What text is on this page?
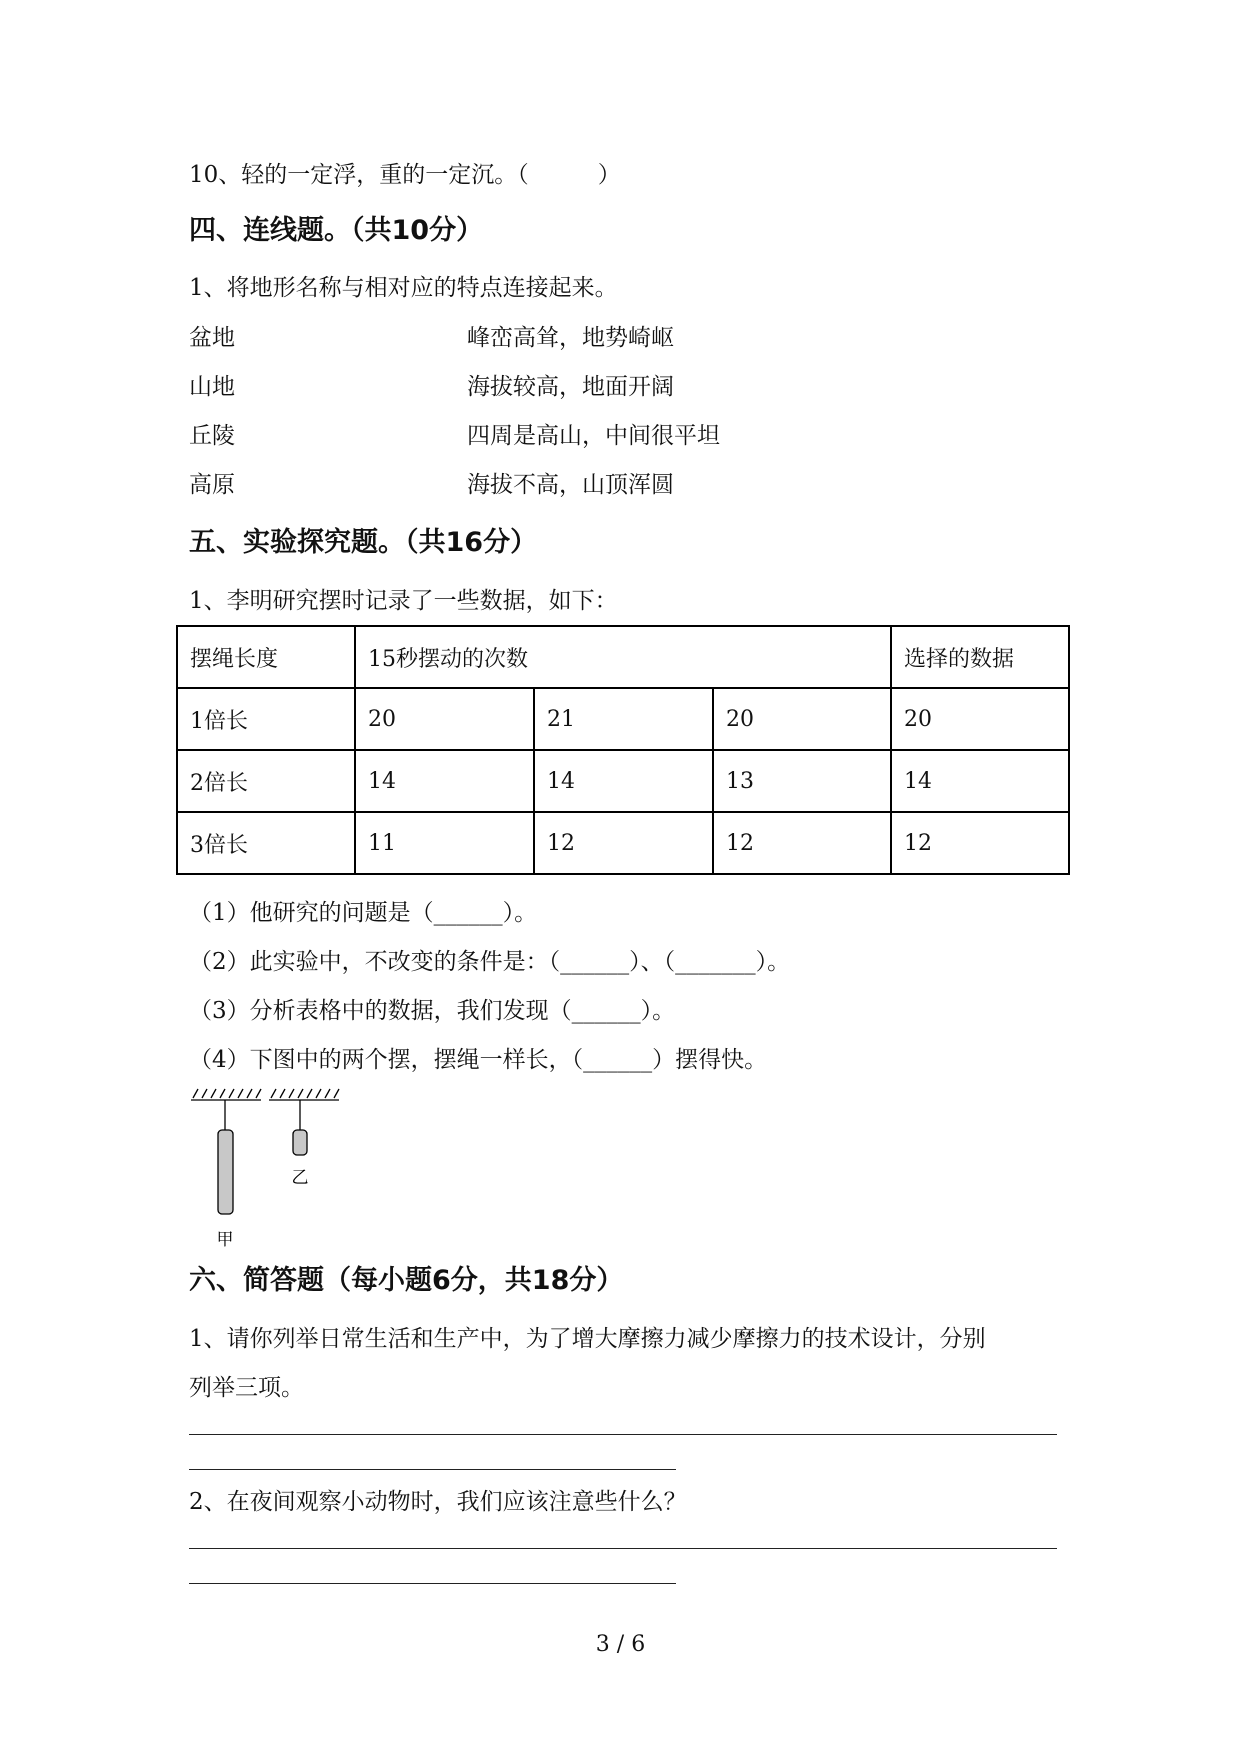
10、轻的一定浮，重的一定沉。（　　　）
四、连线题。（共10分）
1、将地形名称与相对应的特点连接起来。
盆地	峰峦高耸，地势崎岖
山地	海拔较高，地面开阔
丘陵	四周是高山，中间很平坦
高原	海拔不高，山顶浑圆
五、实验探究题。（共16分）
1、李明研究摆时记录了一些数据，如下：
摆绳长度	15秒摆动的次数			选择的数据
1倍长	20	21	20	20
2倍长	14	14	13	14
3倍长	11	12	12	12
（1）他研究的问题是（______）。
（2）此实验中，不改变的条件是：（______）、（_______）。
（3）分析表格中的数据，我们发现（______）。
（4）下图中的两个摆，摆绳一样长，（______）摆得快。
甲
乙
六、简答题（每小题6分，共18分）
1、请你列举日常生活和生产中，为了增大摩擦力减少摩擦力的技术设计，分别
列举三项。
2、在夜间观察小动物时，我们应该注意些什么？
3 / 6
